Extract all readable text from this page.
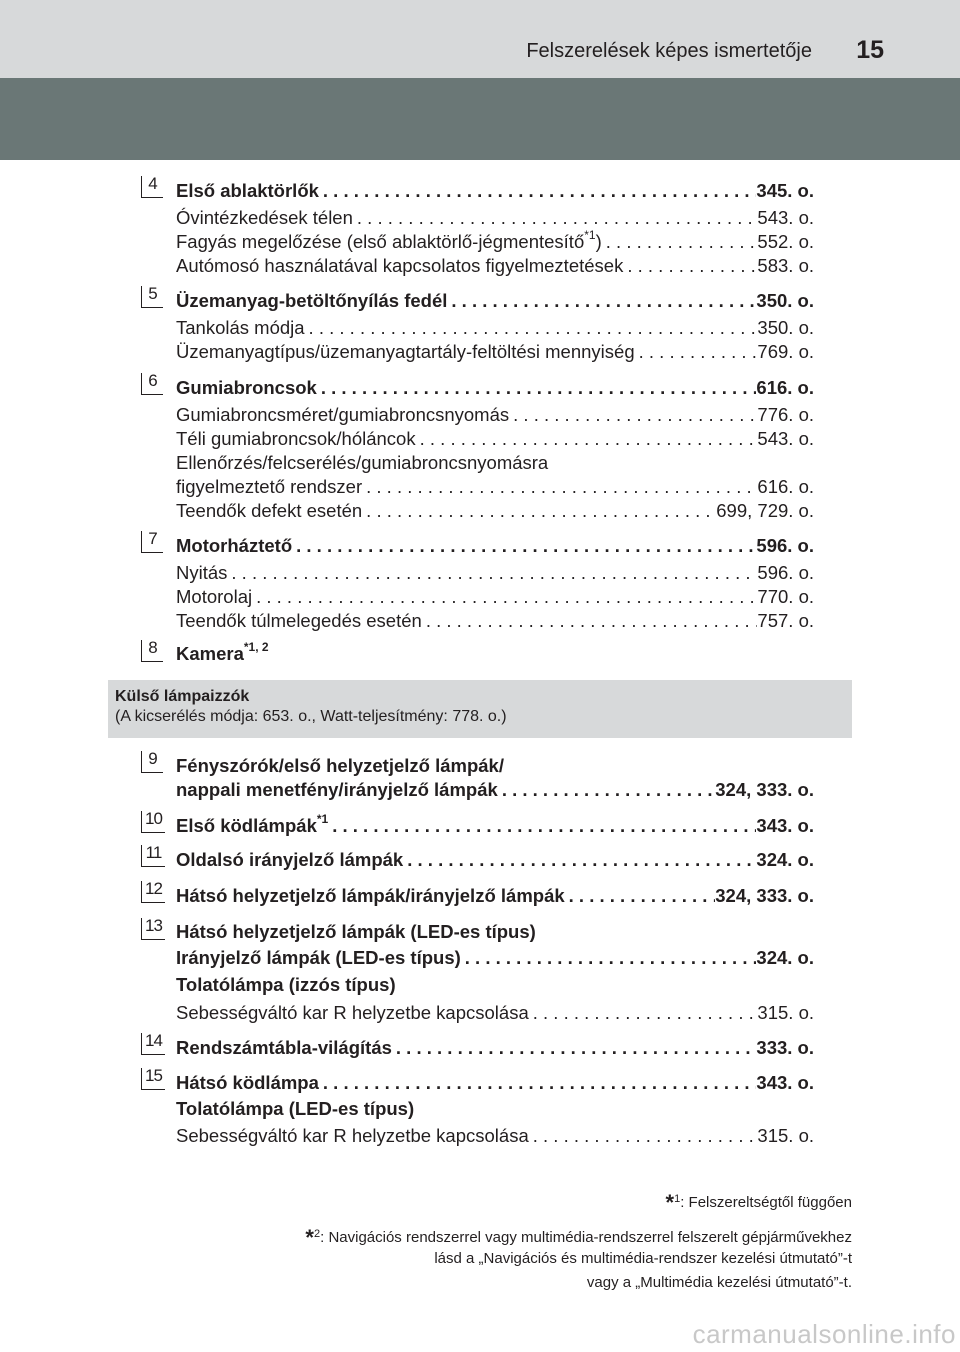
Felszerelések képes ismertetője 15
4	Első ablaktörlők . . .	345. o.
Óvintézkedések télen . . .	543. o.
Fagyás megelőzése (első ablaktörlő-jégmentesítő$^{*1}$) . . .	552. o.
Autómosó használatával kapcsolatos figyelmeztetések . . .	583. o.
5	Üzemanyag-betöltőnyílás fedél . . .	350. o.
Tankolás módja . . .	350. o.
Üzemanyagtípus/üzemanyagtartály-feltöltési mennyiség . . .	769. o.
6	Gumiabroncsok . . .	616. o.
Gumiabroncsméret/gumiabroncsnyomás . . .	776. o.
Téli gumiabroncsok/hóláncok . . .	543. o.
Ellenőrzés/felcserélés/gumiabroncsnyomásra
figyelmeztető rendszer . . .	616. o.
Teendők defekt esetén . . .	699, 729. o.
7	Motorháztető . . .	596. o.
Nyitás . . .	596. o.
Motorolaj . . .	770. o.
Teendők túlmelegedés esetén . . .	757. o.
8	Kamera$^{*1, 2}$
9	Fényszórók/első helyzetjelző lámpák/
nappali menetfény/irányjelző lámpák . . .	324, 333. o.
10 Első ködlámpák$^{*1}$ . . .	343. o.
11 Oldalsó irányjelző lámpák . . .	324. o.
12 Hátsó helyzetjelző lámpák/irányjelző lámpák . . .	324, 333. o.
13 Hátsó helyzetjelző lámpák (LED-es típus)
Irányjelző lámpák (LED-es típus) . . .	324. o.
Tolatólámpa (izzós típus)
Sebességváltó kar R helyzetbe kapcsolása . . .	315. o.
14 Rendszámtábla-világítás . . .	333. o.
15 Hátsó ködlámpa . . .	343. o.
Tolatólámpa (LED-es típus)
Sebességváltó kar R helyzetbe kapcsolása . . .	315. o.
Külső lámpaizzók
(A kicserélés módja: 653. o., Watt-teljesítmény: 778. o.)
*$^1$: Felszereltségtől függően
*$^2$: Navigációs rendszerrel vagy multimédia-rendszerrel felszerelt gépjárművekhez
lásd a „Navigációs és multimédia-rendszer kezelési útmutató”-t
vagy a „Multimédia kezelési útmutató”-t.
carmanualsonline.info
